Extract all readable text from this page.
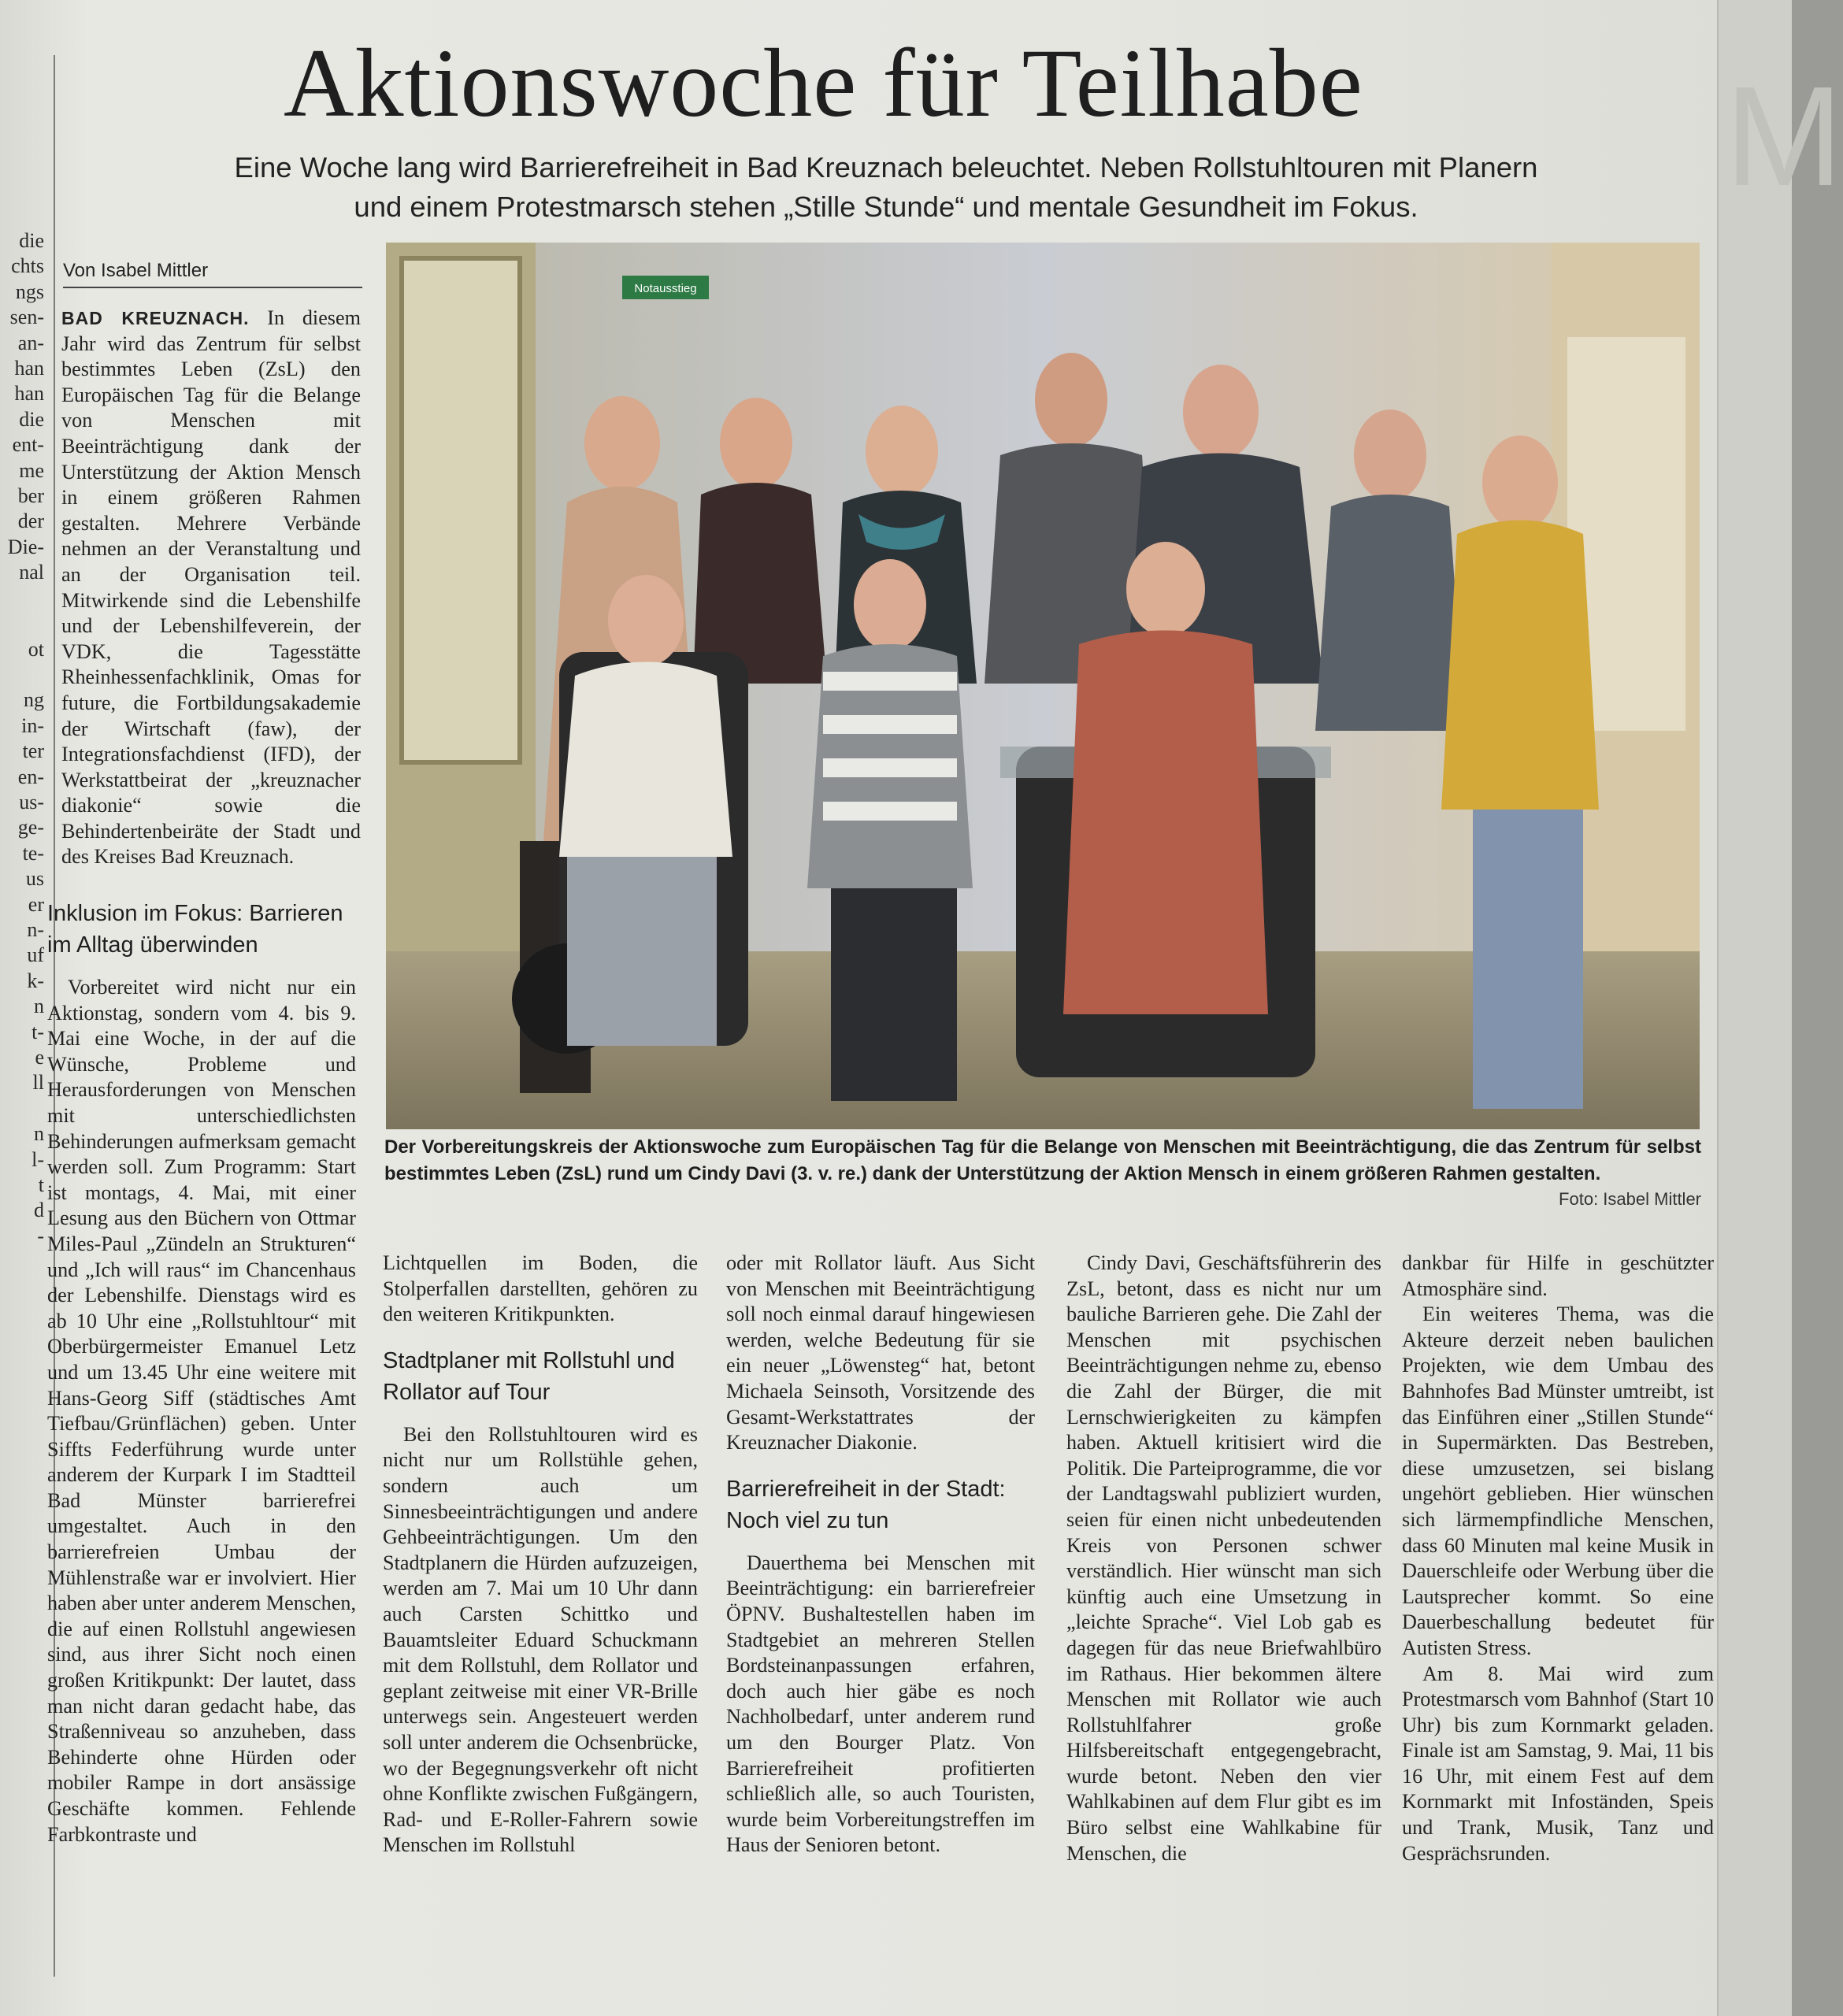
M
die
chts
ngs
sen-
an-
han
han
die
ent-
me
ber
der
Die-
nal

ot

ng
in-
ter
en-
us-
ge-
te-
us
er
n-
uf
k-
n
t-
e
ll

n
l-
t
d
-
Aktionswoche für Teilhabe
Eine Woche lang wird Barrierefreiheit in Bad Kreuznach beleuchtet. Neben Rollstuhltouren mit Planern
und einem Protestmarsch stehen „Stille Stunde“ und mentale Gesundheit im Fokus.
Von Isabel Mittler

BAD KREUZNACH. In diesem Jahr wird das Zentrum für selbst bestimmtes Leben (ZsL) den Europäischen Tag für die Belange von Menschen mit Beeinträchtigung dank der Unterstützung der Aktion Mensch in einem größeren Rahmen gestalten. Mehrere Verbände nehmen an der Veranstaltung und an der Organisation teil. Mitwirkende sind die Lebenshilfe und der Lebenshilfeverein, der VDK, die Tagesstätte Rheinhessenfachklinik, Omas for future, die Fortbildungsakademie der Wirtschaft (faw), der Integrationsfachdienst (IFD), der Werkstattbeirat der „kreuznacher diakonie“ sowie die Behindertenbeiräte der Stadt und des Kreises Bad Kreuznach.

Inklusion im Fokus: Barrieren im Alltag überwinden

Vorbereitet wird nicht nur ein Aktionstag, sondern vom 4. bis 9. Mai eine Woche, in der auf die Wünsche, Probleme und Herausforderungen von Menschen mit unterschiedlichsten Behinderungen aufmerksam gemacht werden soll. Zum Programm: Start ist montags, 4. Mai, mit einer Lesung aus den Büchern von Ottmar Miles-Paul „Zündeln an Strukturen“ und „Ich will raus“ im Chancenhaus der Lebenshilfe. Dienstags wird es ab 10 Uhr eine „Rollstuhltour“ mit Oberbürgermeister Emanuel Letz und um 13.45 Uhr eine weitere mit Hans-Georg Siff (städtisches Amt Tiefbau/Grünflächen) geben. Unter Siffts Federführung wurde unter anderem der Kurpark I im Stadtteil Bad Münster barrierefrei umgestaltet. Auch in den barrierefreien Umbau der Mühlenstraße war er involviert. Hier haben aber unter anderem Menschen, die auf einen Rollstuhl angewiesen sind, aus ihrer Sicht noch einen großen Kritikpunkt: Der lautet, dass man nicht daran gedacht habe, das Straßenniveau so anzuheben, dass Behinderte ohne Hürden oder mobiler Rampe in dort ansässige Geschäfte kommen. Fehlende Farbkontraste und

Notausstieg
Der Vorbereitungskreis der Aktionswoche zum Europäischen Tag für die Belange von Menschen mit Beeinträchtigung, die das Zentrum für selbst bestimmtes Leben (ZsL) rund um Cindy Davi (3. v. re.) dank der Unterstützung der Aktion Mensch in einem größeren Rahmen gestalten.
Foto: Isabel Mittler

Lichtquellen im Boden, die Stolperfallen darstellten, gehören zu den weiteren Kritikpunkten.

Stadtplaner mit Rollstuhl und Rollator auf Tour

Bei den Rollstuhltouren wird es nicht nur um Rollstühle gehen, sondern auch um Sinnesbeeinträchtigungen und andere Gehbeeinträchtigungen. Um den Stadtplanern die Hürden aufzuzeigen, werden am 7. Mai um 10 Uhr dann auch Carsten Schittko und Bauamtsleiter Eduard Schuckmann mit dem Rollstuhl, dem Rollator und geplant zeitweise mit einer VR-Brille unterwegs sein. Angesteuert werden soll unter anderem die Ochsenbrücke, wo der Begegnungsverkehr oft nicht ohne Konflikte zwischen Fußgängern, Rad- und E-Roller-Fahrern sowie Menschen im Rollstuhl

oder mit Rollator läuft. Aus Sicht von Menschen mit Beeinträchtigung soll noch einmal darauf hingewiesen werden, welche Bedeutung für sie ein neuer „Löwensteg“ hat, betont Michaela Seinsoth, Vorsitzende des Gesamt-Werkstattrates der Kreuznacher Diakonie.

Barrierefreiheit in der Stadt: Noch viel zu tun

Dauerthema bei Menschen mit Beeinträchtigung: ein barrierefreier ÖPNV. Bushaltestellen haben im Stadtgebiet an mehreren Stellen Bordsteinanpassungen erfahren, doch auch hier gäbe es noch Nachholbedarf, unter anderem rund um den Bourger Platz. Von Barrierefreiheit profitierten schließlich alle, so auch Touristen, wurde beim Vorbereitungstreffen im Haus der Senioren betont.

Cindy Davi, Geschäftsführerin des ZsL, betont, dass es nicht nur um bauliche Barrieren gehe. Die Zahl der Menschen mit psychischen Beeinträchtigungen nehme zu, ebenso die Zahl der Bürger, die mit Lernschwierigkeiten zu kämpfen haben. Aktuell kritisiert wird die Politik. Die Parteiprogramme, die vor der Landtagswahl publiziert wurden, seien für einen nicht unbedeutenden Kreis von Personen schwer verständlich. Hier wünscht man sich künftig auch eine Umsetzung in „leichte Sprache“. Viel Lob gab es dagegen für das neue Briefwahlbüro im Rathaus. Hier bekommen ältere Menschen mit Rollator wie auch Rollstuhlfahrer große Hilfsbereitschaft entgegengebracht, wurde betont. Neben den vier Wahlkabinen auf dem Flur gibt es im Büro selbst eine Wahlkabine für Menschen, die

dankbar für Hilfe in geschützter Atmosphäre sind.

Ein weiteres Thema, was die Akteure derzeit neben baulichen Projekten, wie dem Umbau des Bahnhofes Bad Münster umtreibt, ist das Einführen einer „Stillen Stunde“ in Supermärkten. Das Bestreben, diese umzusetzen, sei bislang ungehört geblieben. Hier wünschen sich lärmempfindliche Menschen, dass 60 Minuten mal keine Musik in Dauerschleife oder Werbung über die Lautsprecher kommt. So eine Dauerbeschallung bedeutet für Autisten Stress.

Am 8. Mai wird zum Protestmarsch vom Bahnhof (Start 10 Uhr) bis zum Kornmarkt geladen. Finale ist am Samstag, 9. Mai, 11 bis 16 Uhr, mit einem Fest auf dem Kornmarkt mit Infoständen, Speis und Trank, Musik, Tanz und Gesprächsrunden.
